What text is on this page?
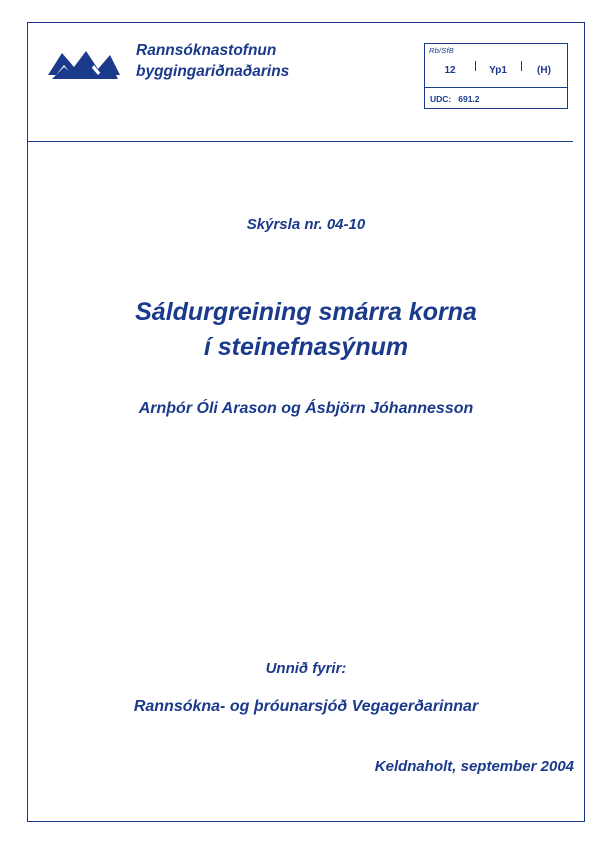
Rannsóknastofnun
byggingariðnaðarins
Rb/SfB
12	Yp1	(H)
UDC: 691.2
Skýrsla nr. 04-10
Sáldurgreining smárra korna
í steinefnasýnum
Arnþór Óli Arason og Ásbjörn Jóhannesson
Unnið fyrir:
Rannsókna- og þróunarsjóð Vegagerðarinnar
Keldnaholt, september 2004
